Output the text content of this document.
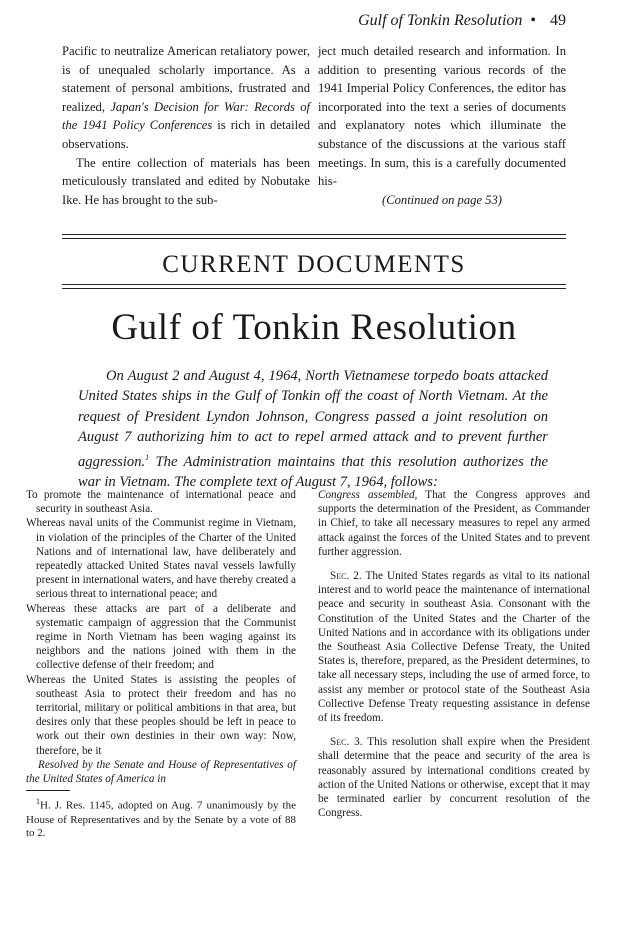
Gulf of Tonkin Resolution • 49

Pacific to neutralize American retaliatory power, is of unequaled scholarly importance. As a statement of personal ambitions, frustrated and realized, Japan's Decision for War: Records of the 1941 Policy Conferences is rich in detailed observations.

The entire collection of materials has been meticulously translated and edited by Nobutake Ike. He has brought to the sub-

ject much detailed research and information. In addition to presenting various records of the 1941 Imperial Policy Conferences, the editor has incorporated into the text a series of documents and explanatory notes which illuminate the substance of the discussions at the various staff meetings. In sum, this is a carefully documented his-

(Continued on page 53)

CURRENT DOCUMENTS
Gulf of Tonkin Resolution
On August 2 and August 4, 1964, North Vietnamese torpedo boats attacked United States ships in the Gulf of Tonkin off the coast of North Vietnam. At the request of President Lyndon Johnson, Congress passed a joint resolution on August 7 authorizing him to act to repel armed attack and to prevent further aggression.$^1$ The Administration maintains that this resolution authorizes the war in Vietnam. The complete text of August 7, 1964, follows:

To promote the maintenance of international peace and security in southeast Asia.

Whereas naval units of the Communist regime in Vietnam, in violation of the principles of the Charter of the United Nations and of international law, have deliberately and repeatedly attacked United States naval vessels lawfully present in international waters, and have thereby created a serious threat to international peace; and

Whereas these attacks are part of a deliberate and systematic campaign of aggression that the Communist regime in North Vietnam has been waging against its neighbors and the nations joined with them in the collective defense of their freedom; and

Whereas the United States is assisting the peoples of southeast Asia to protect their freedom and has no territorial, military or political ambitions in that area, but desires only that these peoples should be left in peace to work out their own destinies in their own way: Now, therefore, be it

Resolved by the Senate and House of Representatives of the United States of America in

$^1$H. J. Res. 1145, adopted on Aug. 7 unanimously by the House of Representatives and by the Senate by a vote of 88 to 2.

Congress assembled, That the Congress approves and supports the determination of the President, as Commander in Chief, to take all necessary measures to repel any armed attack against the forces of the United States and to prevent further aggression.

Sec. 2. The United States regards as vital to its national interest and to world peace the maintenance of international peace and security in southeast Asia. Consonant with the Constitution of the United States and the Charter of the United Nations and in accordance with its obligations under the Southeast Asia Collective Defense Treaty, the United States is, therefore, prepared, as the President determines, to take all necessary steps, including the use of armed force, to assist any member or protocol state of the Southeast Asia Collective Defense Treaty requesting assistance in defense of its freedom.

Sec. 3. This resolution shall expire when the President shall determine that the peace and security of the area is reasonably assured by international conditions created by action of the United Nations or otherwise, except that it may be terminated earlier by concurrent resolution of the Congress.
